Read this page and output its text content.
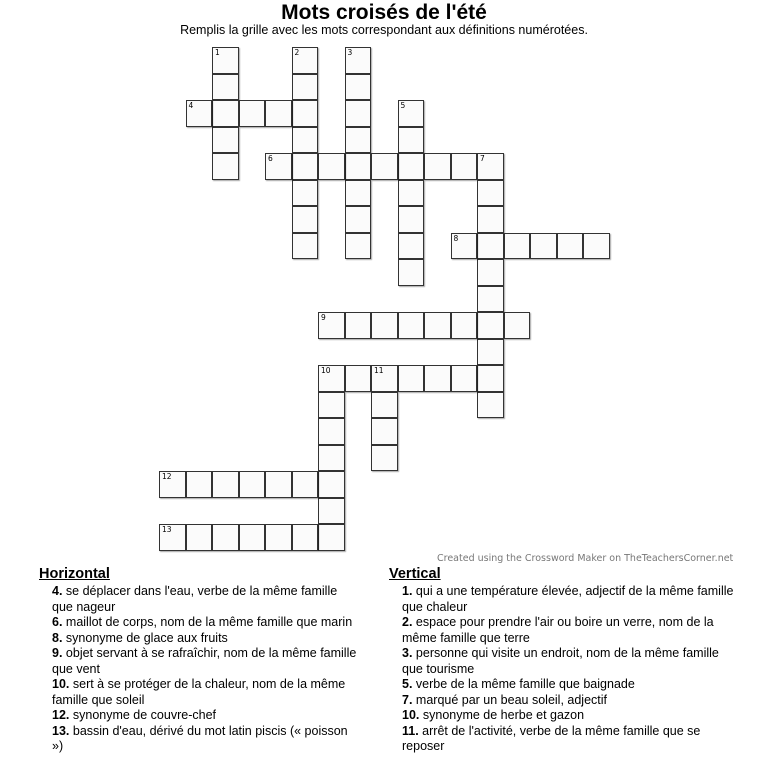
Mots croisés de l'été
Remplis la grille avec les mots correspondant aux définitions numérotées.
1	2	3
4	5
6	7
8
9
10	11
12
13
Created using the Crossword Maker on TheTeachersCorner.net
Horizontal

4. se déplacer dans l'eau, verbe de la même famille que nageur

6. maillot de corps, nom de la même famille que marin

8. synonyme de glace aux fruits

9. objet servant à se rafraîchir, nom de la même famille que vent

10. sert à se protéger de la chaleur, nom de la même famille que soleil

12. synonyme de couvre-chef

13. bassin d'eau, dérivé du mot latin piscis (« poisson »)

Vertical

1. qui a une température élevée, adjectif de la même famille que chaleur

2. espace pour prendre l'air ou boire un verre, nom de la même famille que terre

3. personne qui visite un endroit, nom de la même famille que tourisme

5. verbe de la même famille que baignade

7. marqué par un beau soleil, adjectif

10. synonyme de herbe et gazon

11. arrêt de l'activité, verbe de la même famille que se reposer
